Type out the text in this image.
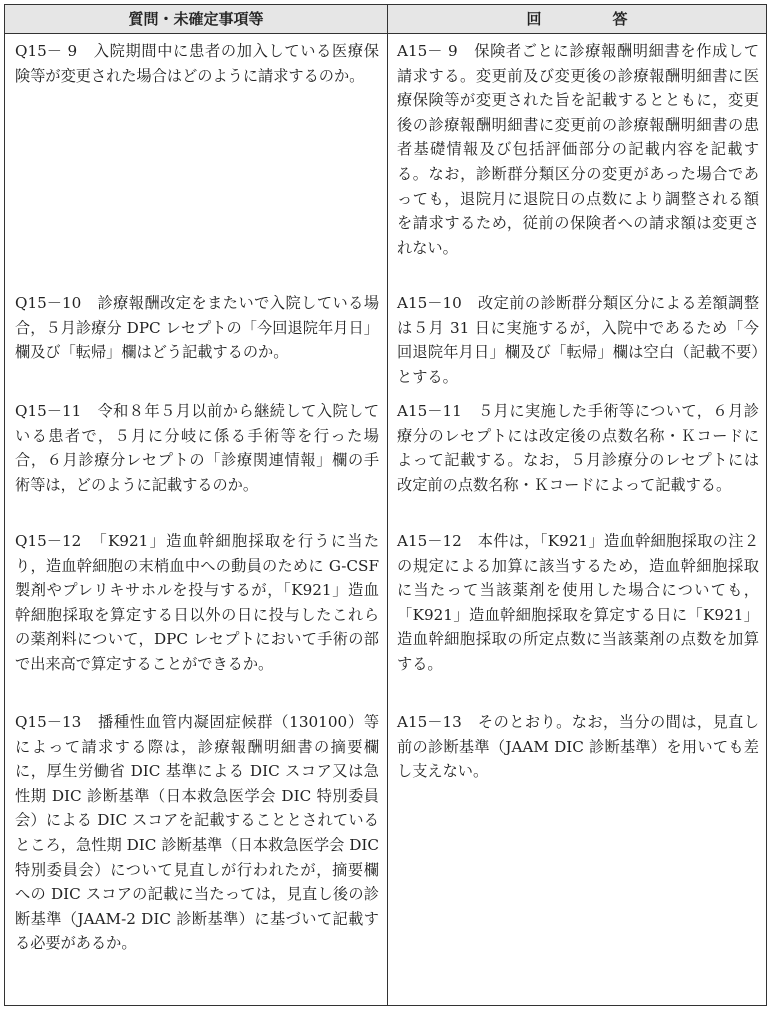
質問・未確定事項等	回　答
Q15－ 9　 入院期間中に患者の加入している医療保険等が変更された場合はどのように請求するのか。
A15－ 9　 保険者ごとに診療報酬明細書を作成して請求する。変更前及び変更後の診療報酬明細書に医療保険等が変更された旨を記載するとともに，変更後の診療報酬明細書に変更前の診療報酬明細書の患者基礎情報及び包括評価部分の記載内容を記載する。なお，診断群分類区分の変更があった場合であっても，退院月に退院日の点数により調整される額を請求するため，従前の保険者への請求額は変更されない。
Q15－10　 診療報酬改定をまたいで入院している場合，５月診療分 DPC レセプトの「今回退院年月日」欄及び「転帰」欄はどう記載するのか。
A15－10　 改定前の診断群分類区分による差額調整は５月 31 日に実施するが，入院中であるため「今回退院年月日」欄及び「転帰」欄は空白（記載不要）とする。
Q15－11　 令和８年５月以前から継続して入院している患者で，５月に分岐に係る手術等を行った場合，６月診療分レセプトの「診療関連情報」欄の手術等は，どのように記載するのか。
A15－11　 ５月に実施した手術等について，６月診療分のレセプトには改定後の点数名称・Ｋコードによって記載する。なお，５月診療分のレセプトには改定前の点数名称・Ｋコードによって記載する。
Q15－12　 「K921」造血幹細胞採取を行うに当たり，造血幹細胞の末梢血中への動員のために G-CSF 製剤やプレリキサホルを投与するが，「K921」造血幹細胞採取を算定する日以外の日に投与したこれらの薬剤料について，DPC レセプトにおいて手術の部で出来高で算定することができるか。
A15－12　 本件は，「K921」造血幹細胞採取の注２の規定による加算に該当するため，造血幹細胞採取に当たって当該薬剤を使用した場合についても，「K921」造血幹細胞採取を算定する日に「K921」造血幹細胞採取の所定点数に当該薬剤の点数を加算する。
Q15－13　 播種性血管内凝固症候群（130100）等によって請求する際は，診療報酬明細書の摘要欄に，厚生労働省 DIC 基準による DIC スコア又は急性期 DIC 診断基準（日本救急医学会 DIC 特別委員会）による DIC スコアを記載することとされているところ，急性期 DIC 診断基準（日本救急医学会 DIC 特別委員会）について見直しが行われたが，摘要欄への DIC スコアの記載に当たっては，見直し後の診断基準（JAAM-2 DIC 診断基準）に基づいて記載する必要があるか。
A15－13　 そのとおり。なお，当分の間は，見直し前の診断基準（JAAM DIC 診断基準）を用いても差し支えない。
